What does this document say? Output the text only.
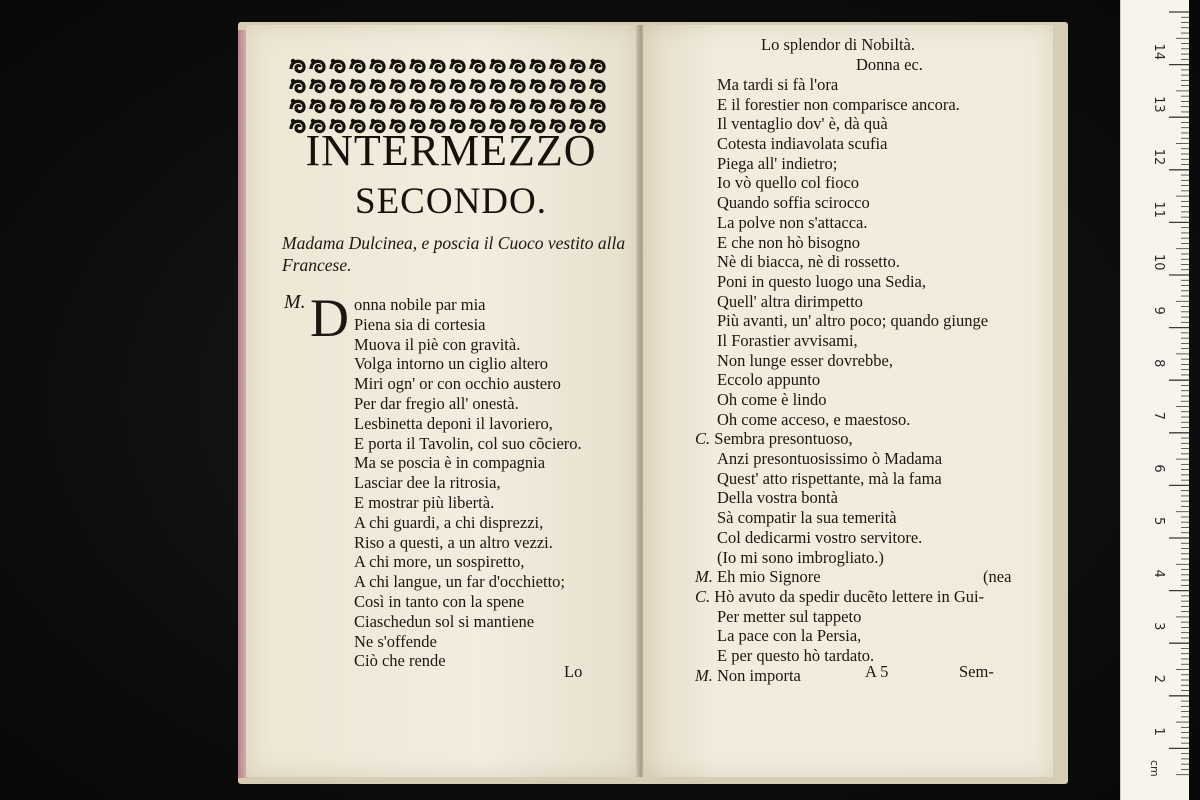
INTERMEZZO
SECONDO.
Madama Dulcinea, e poscia il Cuoco vestito alla Francese.
M. D onna nobile par mia
Piena sia di cortesia
Muova il piè con gravità.
Volga intorno un ciglio altero
Miri ogn' or con occhio austero
Per dar fregio all' onestà.
Lesbinetta deponi il lavoriero,
E porta il Tavolin, col suo cõciero.
Ma se poscia è in compagnia
Lasciar dee la ritrosia,
E mostrar più libertà.
A chi guardi, a chi disprezzi,
Riso a questi, a un altro vezzi.
A chi more, un sospiretto,
A chi langue, un far d'occhietto;
Così in tanto con la spene
Ciaschedun sol si mantiene
Ne s'offende
Ciò che rende
Lo
Lo splendor di Nobiltà.
Donna ec.
Ma tardi si fà l'ora
E il forestier non comparisce ancora.
Il ventaglio dov' è, dà quà
Cotesta indiavolata scufia
Piega all' indietro;
Io vò quello col fioco
Quando soffia scirocco
La polve non s'attacca.
E che non hò bisogno
Nè di biacca, nè di rossetto.
Poni in questo luogo una Sedia,
Quell' altra dirimpetto
Più avanti, un' altro poco; quando giunge
Il Forastier avvisami,
Non lunge esser dovrebbe,
Eccolo appunto
Oh come è lindo
Oh come acceso, e maestoso.
C. Sembra presontuoso,
Anzi presontuosissimo ò Madama
Quest' atto rispettante, mà la fama
Della vostra bontà
Sà compatir la sua temerità
Col dedicarmi vostro servitore.
(Io mi sono imbrogliato.)
M. Eh mio Signore	(nea
C. Hò avuto da spedir ducẽto lettere in Gui-
Per metter sul tappeto
La pace con la Persia,
E per questo hò tardato.
M. Non importa	A 5	Sem-
14
13
12
11
10
9
8
7
6
5
4
3
2
1
cm
